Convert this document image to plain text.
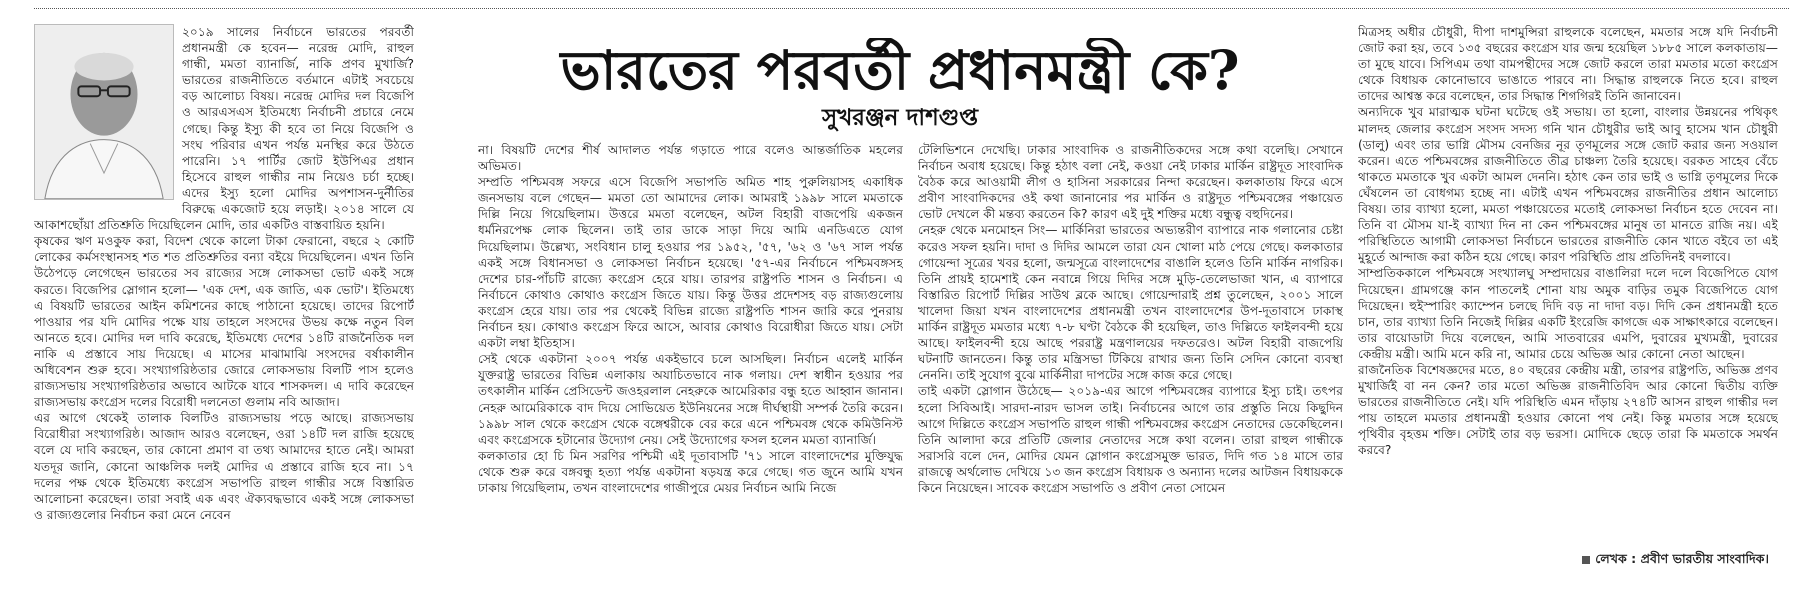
২০১৯ সালের নির্বাচনে ভারতের পরবর্তী প্রধানমন্ত্রী কে হবেন— নরেন্দ্র মোদি, রাহুল গান্ধী, মমতা ব্যানার্জি, নাকি প্রণব মুখার্জি? ভারতের রাজনীতিতে বর্তমানে এটাই সবচেয়ে বড় আলোচ্য বিষয়। নরেন্দ্র মোদির দল বিজেপি ও আরএসএস ইতিমধ্যে নির্বাচনী প্রচারে নেমে গেছে। কিন্তু ইস্যু কী হবে তা নিয়ে বিজেপি ও সংঘ পরিবার এখন পর্যন্ত মনস্থির করে উঠতে পারেনি। ১৭ পার্টির জোট ইউপিএর প্রধান হিসেবে রাহুল গান্ধীর নাম নিয়েও চর্চা হচ্ছে। এদের ইস্যু হলো মোদির অপশাসন-দুর্নীতির বিরুদ্ধে একজোট হয়ে লড়াই। ২০১৪ সালে যে আকাশছোঁয়া প্রতিশ্রুতি দিয়েছিলেন মোদি, তার একটিও বাস্তবায়িত হয়নি।

কৃষকের ঋণ মওকুফ করা, বিদেশ থেকে কালো টাকা ফেরানো, বছরে ২ কোটি লোকের কর্মসংস্থানসহ শত শত প্রতিশ্রুতির বন্যা বইয়ে দিয়েছিলেন। এখন তিনি উঠেপড়ে লেগেছেন ভারতের সব রাজ্যের সঙ্গে লোকসভা ভোট একই সঙ্গে করতে। বিজেপির স্লোগান হলো— 'এক দেশ, এক জাতি, এক ভোট'। ইতিমধ্যে এ বিষয়টি ভারতের আইন কমিশনের কাছে পাঠানো হয়েছে। তাদের রিপোর্ট পাওয়ার পর যদি মোদির পক্ষে যায় তাহলে সংসদের উভয় কক্ষে নতুন বিল আনতে হবে। মোদির দল দাবি করেছে, ইতিমধ্যে দেশের ১৪টি রাজনৈতিক দল নাকি এ প্রস্তাবে সায় দিয়েছে। এ মাসের মাঝামাঝি সংসদের বর্ষাকালীন অধিবেশন শুরু হবে। সংখ্যাগরিষ্ঠতার জোরে লোকসভায় বিলটি পাস হলেও রাজ্যসভায় সংখ্যাগরিষ্ঠতার অভাবে আটকে যাবে শাসকদল। এ দাবি করেছেন রাজ্যসভায় কংগ্রেস দলের বিরোধী দলনেতা গুলাম নবি আজাদ।

এর আগে থেকেই তালাক বিলটিও রাজ্যসভায় পড়ে আছে। রাজ্যসভায় বিরোধীরা সংখ্যাগরিষ্ঠ। আজাদ আরও বলেছেন, ওরা ১৪টি দল রাজি হয়েছে বলে যে দাবি করছেন, তার কোনো প্রমাণ বা তথ্য আমাদের হাতে নেই। আমরা যতদূর জানি, কোনো আঞ্চলিক দলই মোদির এ প্রস্তাবে রাজি হবে না। ১৭ দলের পক্ষ থেকে ইতিমধ্যে কংগ্রেস সভাপতি রাহুল গান্ধীর সঙ্গে বিস্তারিত আলোচনা করেছেন। তারা সবাই এক এবং ঐক্যবদ্ধভাবে একই সঙ্গে লোকসভা ও রাজ্যগুলোর নির্বাচন করা মেনে নেবেন

ভারতের পরবর্তী প্রধানমন্ত্রী কে?
সুখরঞ্জন দাশগুপ্ত

না। বিষয়টি দেশের শীর্ষ আদালত পর্যন্ত গড়াতে পারে বলেও আন্তর্জাতিক মহলের অভিমত।

সম্প্রতি পশ্চিমবঙ্গ সফরে এসে বিজেপি সভাপতি অমিত শাহ পুরুলিয়াসহ একাধিক জনসভায় বলে গেছেন— মমতা তো আমাদের লোক। আমরাই ১৯৯৮ সালে মমতাকে দিল্লি নিয়ে গিয়েছিলাম। উত্তরে মমতা বলেছেন, অটল বিহারী বাজপেয়ি একজন ধর্মনিরপেক্ষ লোক ছিলেন। তাই তার ডাকে সাড়া দিয়ে আমি এনডিএতে যোগ দিয়েছিলাম। উল্লেখ্য, সংবিধান চালু হওয়ার পর ১৯৫২, '৫৭, '৬২ ও '৬৭ সাল পর্যন্ত একই সঙ্গে বিধানসভা ও লোকসভা নির্বাচন হয়েছে। '৫৭-এর নির্বাচনে পশ্চিমবঙ্গসহ দেশের চার-পাঁচটি রাজ্যে কংগ্রেস হেরে যায়। তারপর রাষ্ট্রপতি শাসন ও নির্বাচন। এ নির্বাচনে কোথাও কোথাও কংগ্রেস জিতে যায়। কিন্তু উত্তর প্রদেশসহ বড় রাজ্যগুলোয় কংগ্রেস হেরে যায়। তার পর থেকেই বিভিন্ন রাজ্যে রাষ্ট্রপতি শাসন জারি করে পুনরায় নির্বাচন হয়। কোথাও কংগ্রেস ফিরে আসে, আবার কোথাও বিরোধীরা জিতে যায়। সেটা একটা লম্বা ইতিহাস।

সেই থেকে একটানা ২০০৭ পর্যন্ত একইভাবে চলে আসছিল। নির্বাচন এলেই মার্কিন যুক্তরাষ্ট্র ভারতের বিভিন্ন এলাকায় অযাচিতভাবে নাক গলায়। দেশ স্বাধীন হওয়ার পর তৎকালীন মার্কিন প্রেসিডেন্ট জওহরলাল নেহরুকে আমেরিকার বন্ধু হতে আহ্বান জানান। নেহরু আমেরিকাকে বাদ দিয়ে সোভিয়েত ইউনিয়নের সঙ্গে দীর্ঘস্থায়ী সম্পর্ক তৈরি করেন। ১৯৯৮ সাল থেকে কংগ্রেস থেকে বঙ্গেশ্বরীকে বের করে এনে পশ্চিমবঙ্গ থেকে কমিউনিস্ট এবং কংগ্রেসকে হটানোর উদ্যোগ নেয়। সেই উদ্যোগের ফসল হলেন মমতা ব্যানার্জি।

কলকাতার হো চি মিন সরণির পশ্চিমী এই দূতাবাসটি '৭১ সালে বাংলাদেশের মুক্তিযুদ্ধ থেকে শুরু করে বঙ্গবন্ধু হত্যা পর্যন্ত একটানা ষড়যন্ত্র করে গেছে। গত জুনে আমি যখন ঢাকায় গিয়েছিলাম, তখন বাংলাদেশের গাজীপুরে মেয়র নির্বাচন আমি নিজে

টেলিভিশনে দেখেছি। ঢাকার সাংবাদিক ও রাজনীতিকদের সঙ্গে কথা বলেছি। সেখানে নির্বাচন অবাধ হয়েছে। কিন্তু হঠাৎ বলা নেই, কওয়া নেই ঢাকার মার্কিন রাষ্ট্রদূত সাংবাদিক বৈঠক করে আওয়ামী লীগ ও হাসিনা সরকারের নিন্দা করেছেন। কলকাতায় ফিরে এসে প্রবীণ সাংবাদিকদের ওই কথা জানানোর পর মার্কিন ও রাষ্ট্রদূত পশ্চিমবঙ্গের পঞ্চায়েত ভোট দেখলে কী মন্তব্য করতেন কি? কারণ এই দুই শক্তির মধ্যে বন্ধুত্ব বহুদিনের।

নেহরু থেকে মনমোহন সিং— মার্কিনিরা ভারতের অভ্যন্তরীণ ব্যাপারে নাক গলানোর চেষ্টা করেও সফল হয়নি। দাদা ও দিদির আমলে তারা যেন খোলা মাঠ পেয়ে গেছে। কলকাতার গোয়েন্দা সূত্রের খবর হলো, জন্মসূত্রে বাংলাদেশের বাঙালি হলেও তিনি মার্কিন নাগরিক। তিনি প্রায়ই হামেশাই কেন নবান্নে গিয়ে দিদির সঙ্গে মুড়ি-তেলেভাজা খান, এ ব্যাপারে বিস্তারিত রিপোর্ট দিল্লির সাউথ ব্লকে আছে। গোয়েন্দারাই প্রশ্ন তুলেছেন, ২০০১ সালে খালেদা জিয়া যখন বাংলাদেশের প্রধানমন্ত্রী তখন বাংলাদেশের উপ-দূতাবাসে ঢাকাস্থ মার্কিন রাষ্ট্রদূত মমতার মধ্যে ৭-৮ ঘণ্টা বৈঠকে কী হয়েছিল, তাও দিল্লিতে ফাইলবন্দী হয়ে আছে। ফাইলবন্দী হয়ে আছে পররাষ্ট্র মন্ত্রণালয়ের দফতরেও। অটল বিহারী বাজপেয়ি ঘটনাটি জানতেন। কিন্তু তার মন্ত্রিসভা টিকিয়ে রাখার জন্য তিনি সেদিন কোনো ব্যবস্থা নেননি। তাই সুযোগ বুঝে মার্কিনীরা দাপটের সঙ্গে কাজ করে গেছে।

তাই একটা স্লোগান উঠেছে— ২০১৯-এর আগে পশ্চিমবঙ্গের ব্যাপারে ইস্যু চাই। তৎপর হলো সিবিআই। সারদা-নারদ ভাসল তাই। নির্বাচনের আগে তার প্রস্তুতি নিয়ে কিছুদিন আগে দিল্লিতে কংগ্রেস সভাপতি রাহুল গান্ধী পশ্চিমবঙ্গের কংগ্রেস নেতাদের ডেকেছিলেন। তিনি আলাদা করে প্রতিটি জেলার নেতাদের সঙ্গে কথা বলেন। তারা রাহুল গান্ধীকে সরাসরি বলে দেন, মোদির যেমন স্লোগান কংগ্রেসমুক্ত ভারত, দিদি গত ১৪ মাসে তার রাজত্বে অর্থলোভ দেখিয়ে ১৩ জন কংগ্রেস বিধায়ক ও অন্যান্য দলের আটজন বিধায়ককে কিনে নিয়েছেন। সাবেক কংগ্রেস সভাপতি ও প্রবীণ নেতা সোমেন

মিত্রসহ অধীর চৌধুরী, দীপা দাশমুন্সিরা রাহুলকে বলেছেন, মমতার সঙ্গে যদি নির্বাচনী জোট করা হয়, তবে ১৩৫ বছরের কংগ্রেস যার জন্ম হয়েছিল ১৮৮৫ সালে কলকাতায়— তা মুছে যাবে। সিপিএম তথা বামপন্থীদের সঙ্গে জোট করলে তারা মমতার মতো কংগ্রেস থেকে বিধায়ক কোনোভাবে ভাঙাতে পারবে না। সিদ্ধান্ত রাহুলকে নিতে হবে। রাহুল তাদের আশ্বস্ত করে বলেছেন, তার সিদ্ধান্ত শিগগিরই তিনি জানাবেন।

অন্যদিকে খুব মারাত্মক ঘটনা ঘটেছে ওই সভায়। তা হলো, বাংলার উন্নয়নের পথিকৃৎ মালদহ জেলার কংগ্রেস সংসদ সদস্য গনি খান চৌধুরীর ভাই আবু হাসেম খান চৌধুরী (ডালু) এবং তার ভাগ্নি মৌসম বেনজির নূর তৃণমূলের সঙ্গে জোট করার জন্য সওয়াল করেন। এতে পশ্চিমবঙ্গের রাজনীতিতে তীব্র চাঞ্চল্য তৈরি হয়েছে। বরকত সাহেব বেঁচে থাকতে মমতাকে খুব একটা আমল দেননি। হঠাৎ কেন তার ভাই ও ভাগ্নি তৃণমূলের দিকে ঘেঁষলেন তা বোধগম্য হচ্ছে না। এটাই এখন পশ্চিমবঙ্গের রাজনীতির প্রধান আলোচ্য বিষয়। তার ব্যাখ্যা হলো, মমতা পঞ্চায়েতের মতোই লোকসভা নির্বাচন হতে দেবেন না। তিনি বা মৌসম যা-ই ব্যাখ্যা দিন না কেন পশ্চিমবঙ্গের মানুষ তা মানতে রাজি নয়। এই পরিস্থিতিতে আগামী লোকসভা নির্বাচনে ভারতের রাজনীতি কোন খাতে বইবে তা এই মুহূর্তে আন্দাজ করা কঠিন হয়ে গেছে। কারণ পরিস্থিতি প্রায় প্রতিদিনই বদলাবে।

সাম্প্রতিককালে পশ্চিমবঙ্গে সংখ্যালঘু সম্প্রদায়ের বাঙালিরা দলে দলে বিজেপিতে যোগ দিয়েছেন। গ্রামগঞ্জে কান পাতলেই শোনা যায় অমুক বাড়ির তমুক বিজেপিতে যোগ দিয়েছেন। হুইস্পারিং ক্যাম্পেন চলছে দিদি বড় না দাদা বড়। দিদি কেন প্রধানমন্ত্রী হতে চান, তার ব্যাখ্যা তিনি নিজেই দিল্লির একটি ইংরেজি কাগজে এক সাক্ষাৎকারে বলেছেন। তার বায়োডাটা দিয়ে বলেছেন, আমি সাতবারের এমপি, দুবারের মুখ্যমন্ত্রী, দুবারের কেন্দ্রীয় মন্ত্রী। আমি মনে করি না, আমার চেয়ে অভিজ্ঞ আর কোনো নেতা আছেন।

রাজনৈতিক বিশেষজ্ঞদের মতে, ৪০ বছরের কেন্দ্রীয় মন্ত্রী, তারপর রাষ্ট্রপতি, অভিজ্ঞ প্রণব মুখার্জিই বা নন কেন? তার মতো অভিজ্ঞ রাজনীতিবিদ আর কোনো দ্বিতীয় ব্যক্তি ভারতের রাজনীতিতে নেই। যদি পরিস্থিতি এমন দাঁড়ায় ২৭৪টি আসন রাহুল গান্ধীর দল পায় তাহলে মমতার প্রধানমন্ত্রী হওয়ার কোনো পথ নেই। কিন্তু মমতার সঙ্গে হয়েছে পৃথিবীর বৃহত্তম শক্তি। সেটাই তার বড় ভরসা। মোদিকে ছেড়ে তারা কি মমতাকে সমর্থন করবে?

লেখক : প্রবীণ ভারতীয় সাংবাদিক।
